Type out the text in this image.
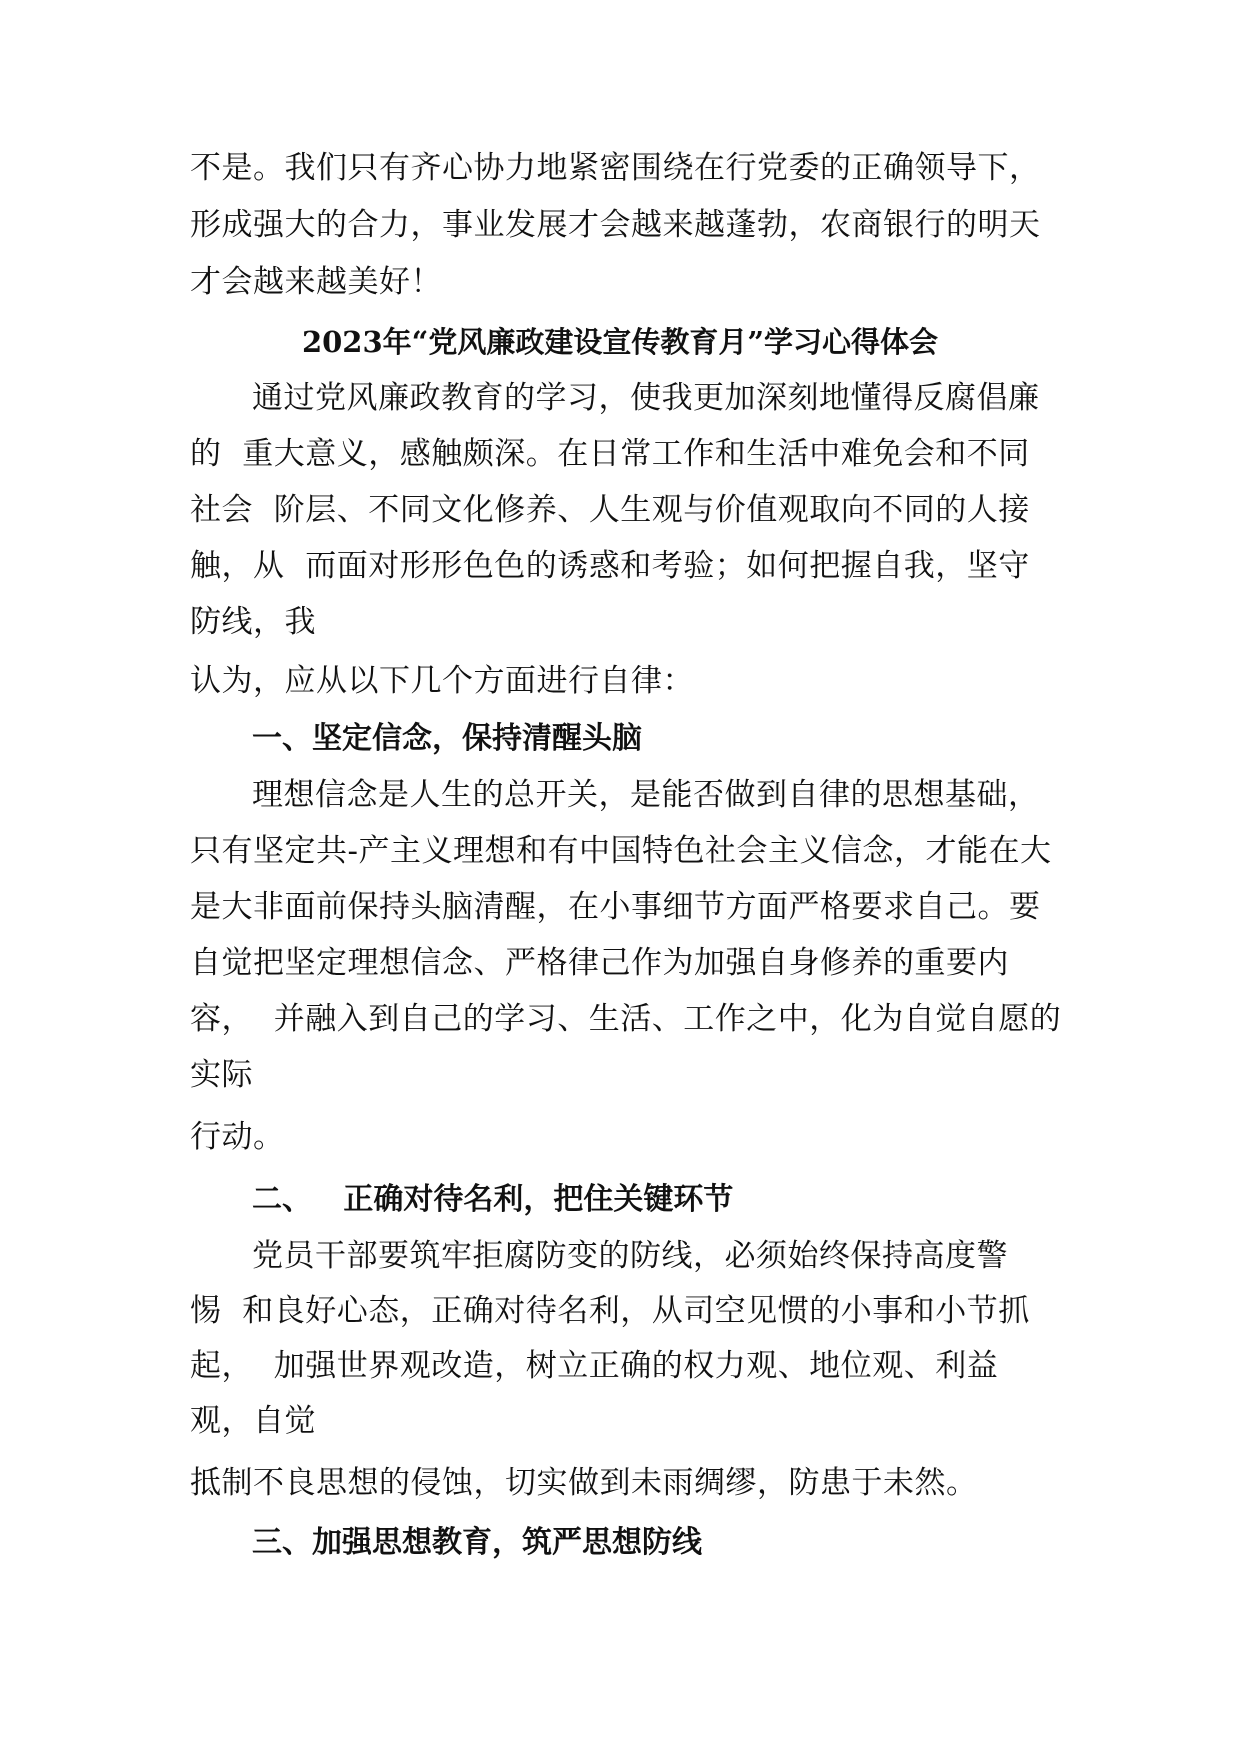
不是。我们只有齐心协力地紧密围绕在行党委的正确领导下，
形成强大的合力，事业发展才会越来越蓬勃，农商银行的明天
才会越来越美好！
2023年“党风廉政建设宣传教育月”学习心得体会
通过党风廉政教育的学习，使我更加深刻地懂得反腐倡廉
的  重大意义，感触颇深。在日常工作和生活中难免会和不同
社会  阶层、不同文化修养、人生观与价值观取向不同的人接
触，从  而面对形形色色的诱惑和考验；如何把握自我，坚守
防线，我
认为，应从以下几个方面进行自律：
一、坚定信念，保持清醒头脑
理想信念是人生的总开关，是能否做到自律的思想基础，
只有坚定共-产主义理想和有中国特色社会主义信念，才能在大
是大非面前保持头脑清醒，在小事细节方面严格要求自己。要
自觉把坚定理想信念、严格律己作为加强自身修养的重要内
容，  并融入到自己的学习、生活、工作之中，化为自觉自愿的
实际
行动。
二、   正确对待名利，把住关键环节
党员干部要筑牢拒腐防变的防线，必须始终保持高度警
惕  和良好心态，正确对待名利，从司空见惯的小事和小节抓
起，  加强世界观改造，树立正确的权力观、地位观、利益
观，自觉
抵制不良思想的侵蚀，切实做到未雨绸缪，防患于未然。
三、加强思想教育，筑严思想防线
